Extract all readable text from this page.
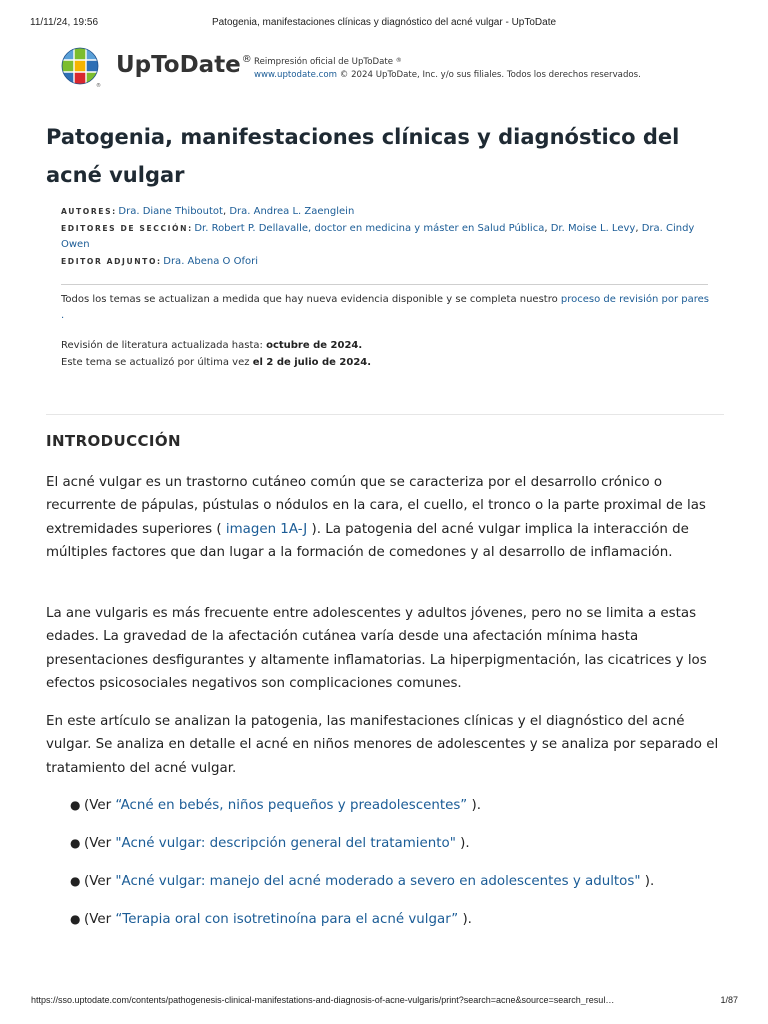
11/11/24, 19:56	Patogenia, manifestaciones clínicas y diagnóstico del acné vulgar - UpToDate
®
UpToDate® Reimpresión oficial de UpToDate ®
www.uptodate.com © 2024 UpToDate, Inc. y/o sus filiales. Todos los derechos reservados.
Patogenia, manifestaciones clínicas y diagnóstico del acné vulgar
AUTORES : Dra. Diane Thiboutot, Dra. Andrea L. Zaenglein
EDITORES DE SECCIÓN : Dr. Robert P. Dellavalle, doctor en medicina y máster en Salud Pública, Dr. Moise L. Levy, Dra. Cindy Owen
EDITOR ADJUNTO : Dra. Abena O Ofori

Todos los temas se actualizan a medida que hay nueva evidencia disponible y se completa nuestro proceso de revisión por pares .

Revisión de literatura actualizada hasta: octubre de 2024.
Este tema se actualizó por última vez el 2 de julio de 2024.
INTRODUCCIÓN

El acné vulgar es un trastorno cutáneo común que se caracteriza por el desarrollo crónico o recurrente de pápulas, pústulas o nódulos en la cara, el cuello, el tronco o la parte proximal de las extremidades superiores ( imagen 1A-J ). La patogenia del acné vulgar implica la interacción de múltiples factores que dan lugar a la formación de comedones y al desarrollo de inflamación.

La ane vulgaris es más frecuente entre adolescentes y adultos jóvenes, pero no se limita a estas edades. La gravedad de la afectación cutánea varía desde una afectación mínima hasta presentaciones desfigurantes y altamente inflamatorias. La hiperpigmentación, las cicatrices y los efectos psicosociales negativos son complicaciones comunes.

En este artículo se analizan la patogenia, las manifestaciones clínicas y el diagnóstico del acné vulgar. Se analiza en detalle el acné en niños menores de adolescentes y se analiza por separado el tratamiento del acné vulgar.

● (Ver “Acné en bebés, niños pequeños y preadolescentes” ).
● (Ver "Acné vulgar: descripción general del tratamiento" ).
● (Ver "Acné vulgar: manejo del acné moderado a severo en adolescentes y adultos" ).
● (Ver “Terapia oral con isotretinoína para el acné vulgar” ).
https://sso.uptodate.com/contents/pathogenesis-clinical-manifestations-and-diagnosis-of-acne-vulgaris/print?search=acne&source=search_resul…	1/87
